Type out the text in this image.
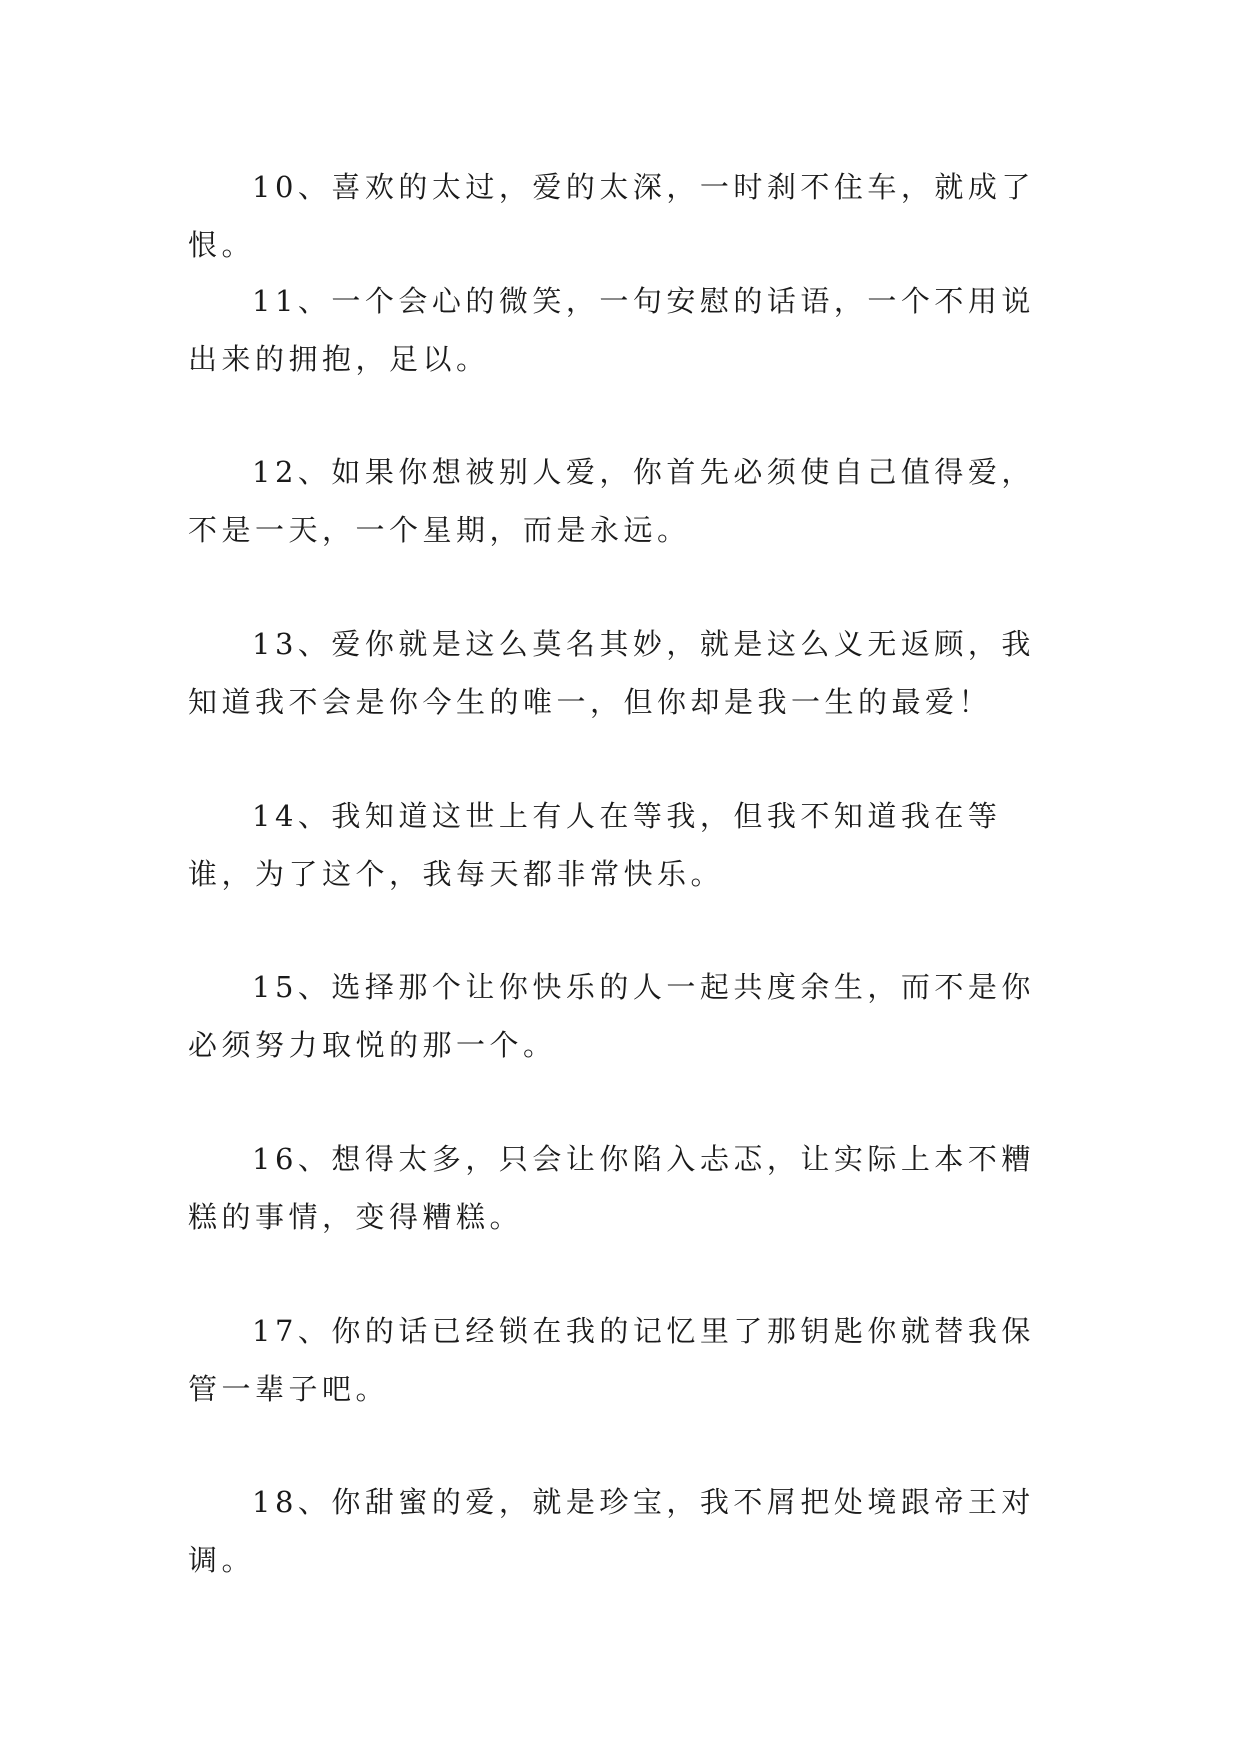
10、喜欢的太过，爱的太深，一时刹不住车，就成了恨。

11、一个会心的微笑，一句安慰的话语，一个不用说出来的拥抱，足以。

12、如果你想被别人爱，你首先必须使自己值得爱，不是一天，一个星期，而是永远。

13、爱你就是这么莫名其妙，就是这么义无返顾，我知道我不会是你今生的唯一，但你却是我一生的最爱！

14、我知道这世上有人在等我，但我不知道我在等谁，为了这个，我每天都非常快乐。

15、选择那个让你快乐的人一起共度余生，而不是你必须努力取悦的那一个。

16、想得太多，只会让你陷入忐忑，让实际上本不糟糕的事情，变得糟糕。

17、你的话已经锁在我的记忆里了那钥匙你就替我保管一辈子吧。

18、你甜蜜的爱，就是珍宝，我不屑把处境跟帝王对调。
